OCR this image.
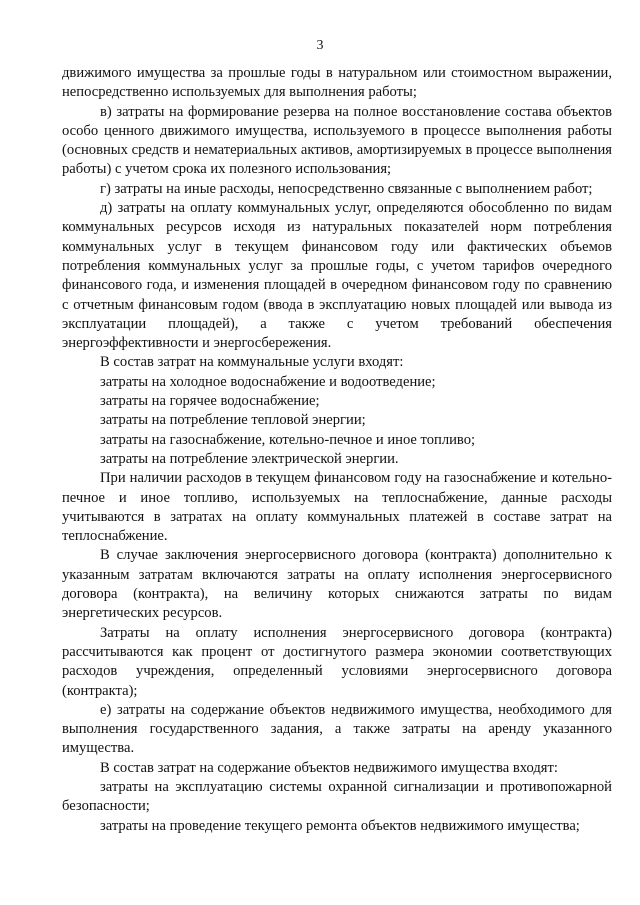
3

движимого имущества за прошлые годы в натуральном или стоимостном выражении, непосредственно используемых для выполнения работы;

в) затраты на формирование резерва на полное восстановление состава объектов особо ценного движимого имущества, используемого в процессе выполнения работы (основных средств и нематериальных активов, амортизируемых в процессе выполнения работы) с учетом срока их полезного использования;

г) затраты на иные расходы, непосредственно связанные с выполнением работ;

д) затраты на оплату коммунальных услуг, определяются обособленно по видам коммунальных ресурсов исходя из натуральных показателей норм потребления коммунальных услуг в текущем финансовом году или фактических объемов потребления коммунальных услуг за прошлые годы, с учетом тарифов очередного финансового года, и изменения площадей в очередном финансовом году по сравнению с отчетным финансовым годом (ввода в эксплуатацию новых площадей или вывода из эксплуатации площадей), а также с учетом требований обеспечения энергоэффективности и энергосбережения.

В состав затрат на коммунальные услуги входят:

затраты на холодное водоснабжение и водоотведение;

затраты на горячее водоснабжение;

затраты на потребление тепловой энергии;

затраты на газоснабжение, котельно-печное и иное топливо;

затраты на потребление электрической энергии.

При наличии расходов в текущем финансовом году на газоснабжение и котельно-печное и иное топливо, используемых на теплоснабжение, данные расходы учитываются в затратах на оплату коммунальных платежей в составе затрат на теплоснабжение.

В случае заключения энергосервисного договора (контракта) дополнительно к указанным затратам включаются затраты на оплату исполнения энергосервисного договора (контракта), на величину которых снижаются затраты по видам энергетических ресурсов.

Затраты на оплату исполнения энергосервисного договора (контракта) рассчитываются как процент от достигнутого размера экономии соответствующих расходов учреждения, определенный условиями энергосервисного договора (контракта);

е) затраты на содержание объектов недвижимого имущества, необходимого для выполнения государственного задания, а также затраты на аренду указанного имущества.

В состав затрат на содержание объектов недвижимого имущества входят:

затраты на эксплуатацию системы охранной сигнализации и противопожарной безопасности;

затраты на проведение текущего ремонта объектов недвижимого имущества;
